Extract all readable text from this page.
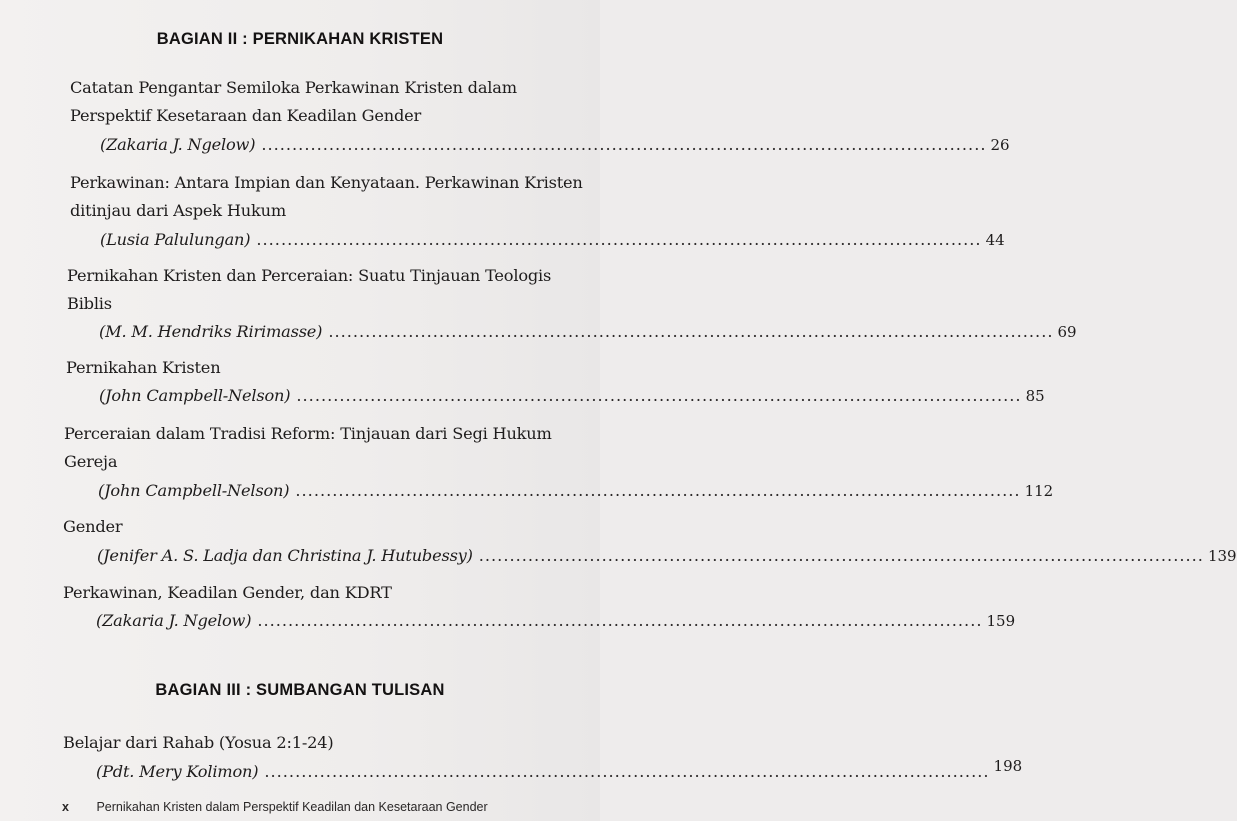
BAGIAN II : PERNIKAHAN KRISTEN
Catatan Pengantar Semiloka Perkawinan Kristen dalam
Perspektif Kesetaraan dan Keadilan Gender
(Zakaria J. Ngelow) ...................................................................................................................... 26
Perkawinan: Antara Impian dan Kenyataan. Perkawinan Kristen
ditinjau dari Aspek Hukum
(Lusia Palulungan) ...................................................................................................................... 44
Pernikahan Kristen dan Perceraian: Suatu Tinjauan Teologis
Biblis
(M. M. Hendriks Ririmasse) ...................................................................................................................... 69
Pernikahan Kristen
(John Campbell-Nelson) ...................................................................................................................... 85
Perceraian dalam Tradisi Reform: Tinjauan dari Segi Hukum
Gereja
(John Campbell-Nelson) ...................................................................................................................... 112
Gender
(Jenifer A. S. Ladja dan Christina J. Hutubessy) ...................................................................................................................... 139
Perkawinan, Keadilan Gender, dan KDRT
(Zakaria J. Ngelow) ...................................................................................................................... 159
BAGIAN III : SUMBANGAN TULISAN
Belajar dari Rahab (Yosua 2:1-24)
(Pdt. Mery Kolimon) ...................................................................................................................... 198
x Pernikahan Kristen dalam Perspektif Keadilan dan Kesetaraan Gender
